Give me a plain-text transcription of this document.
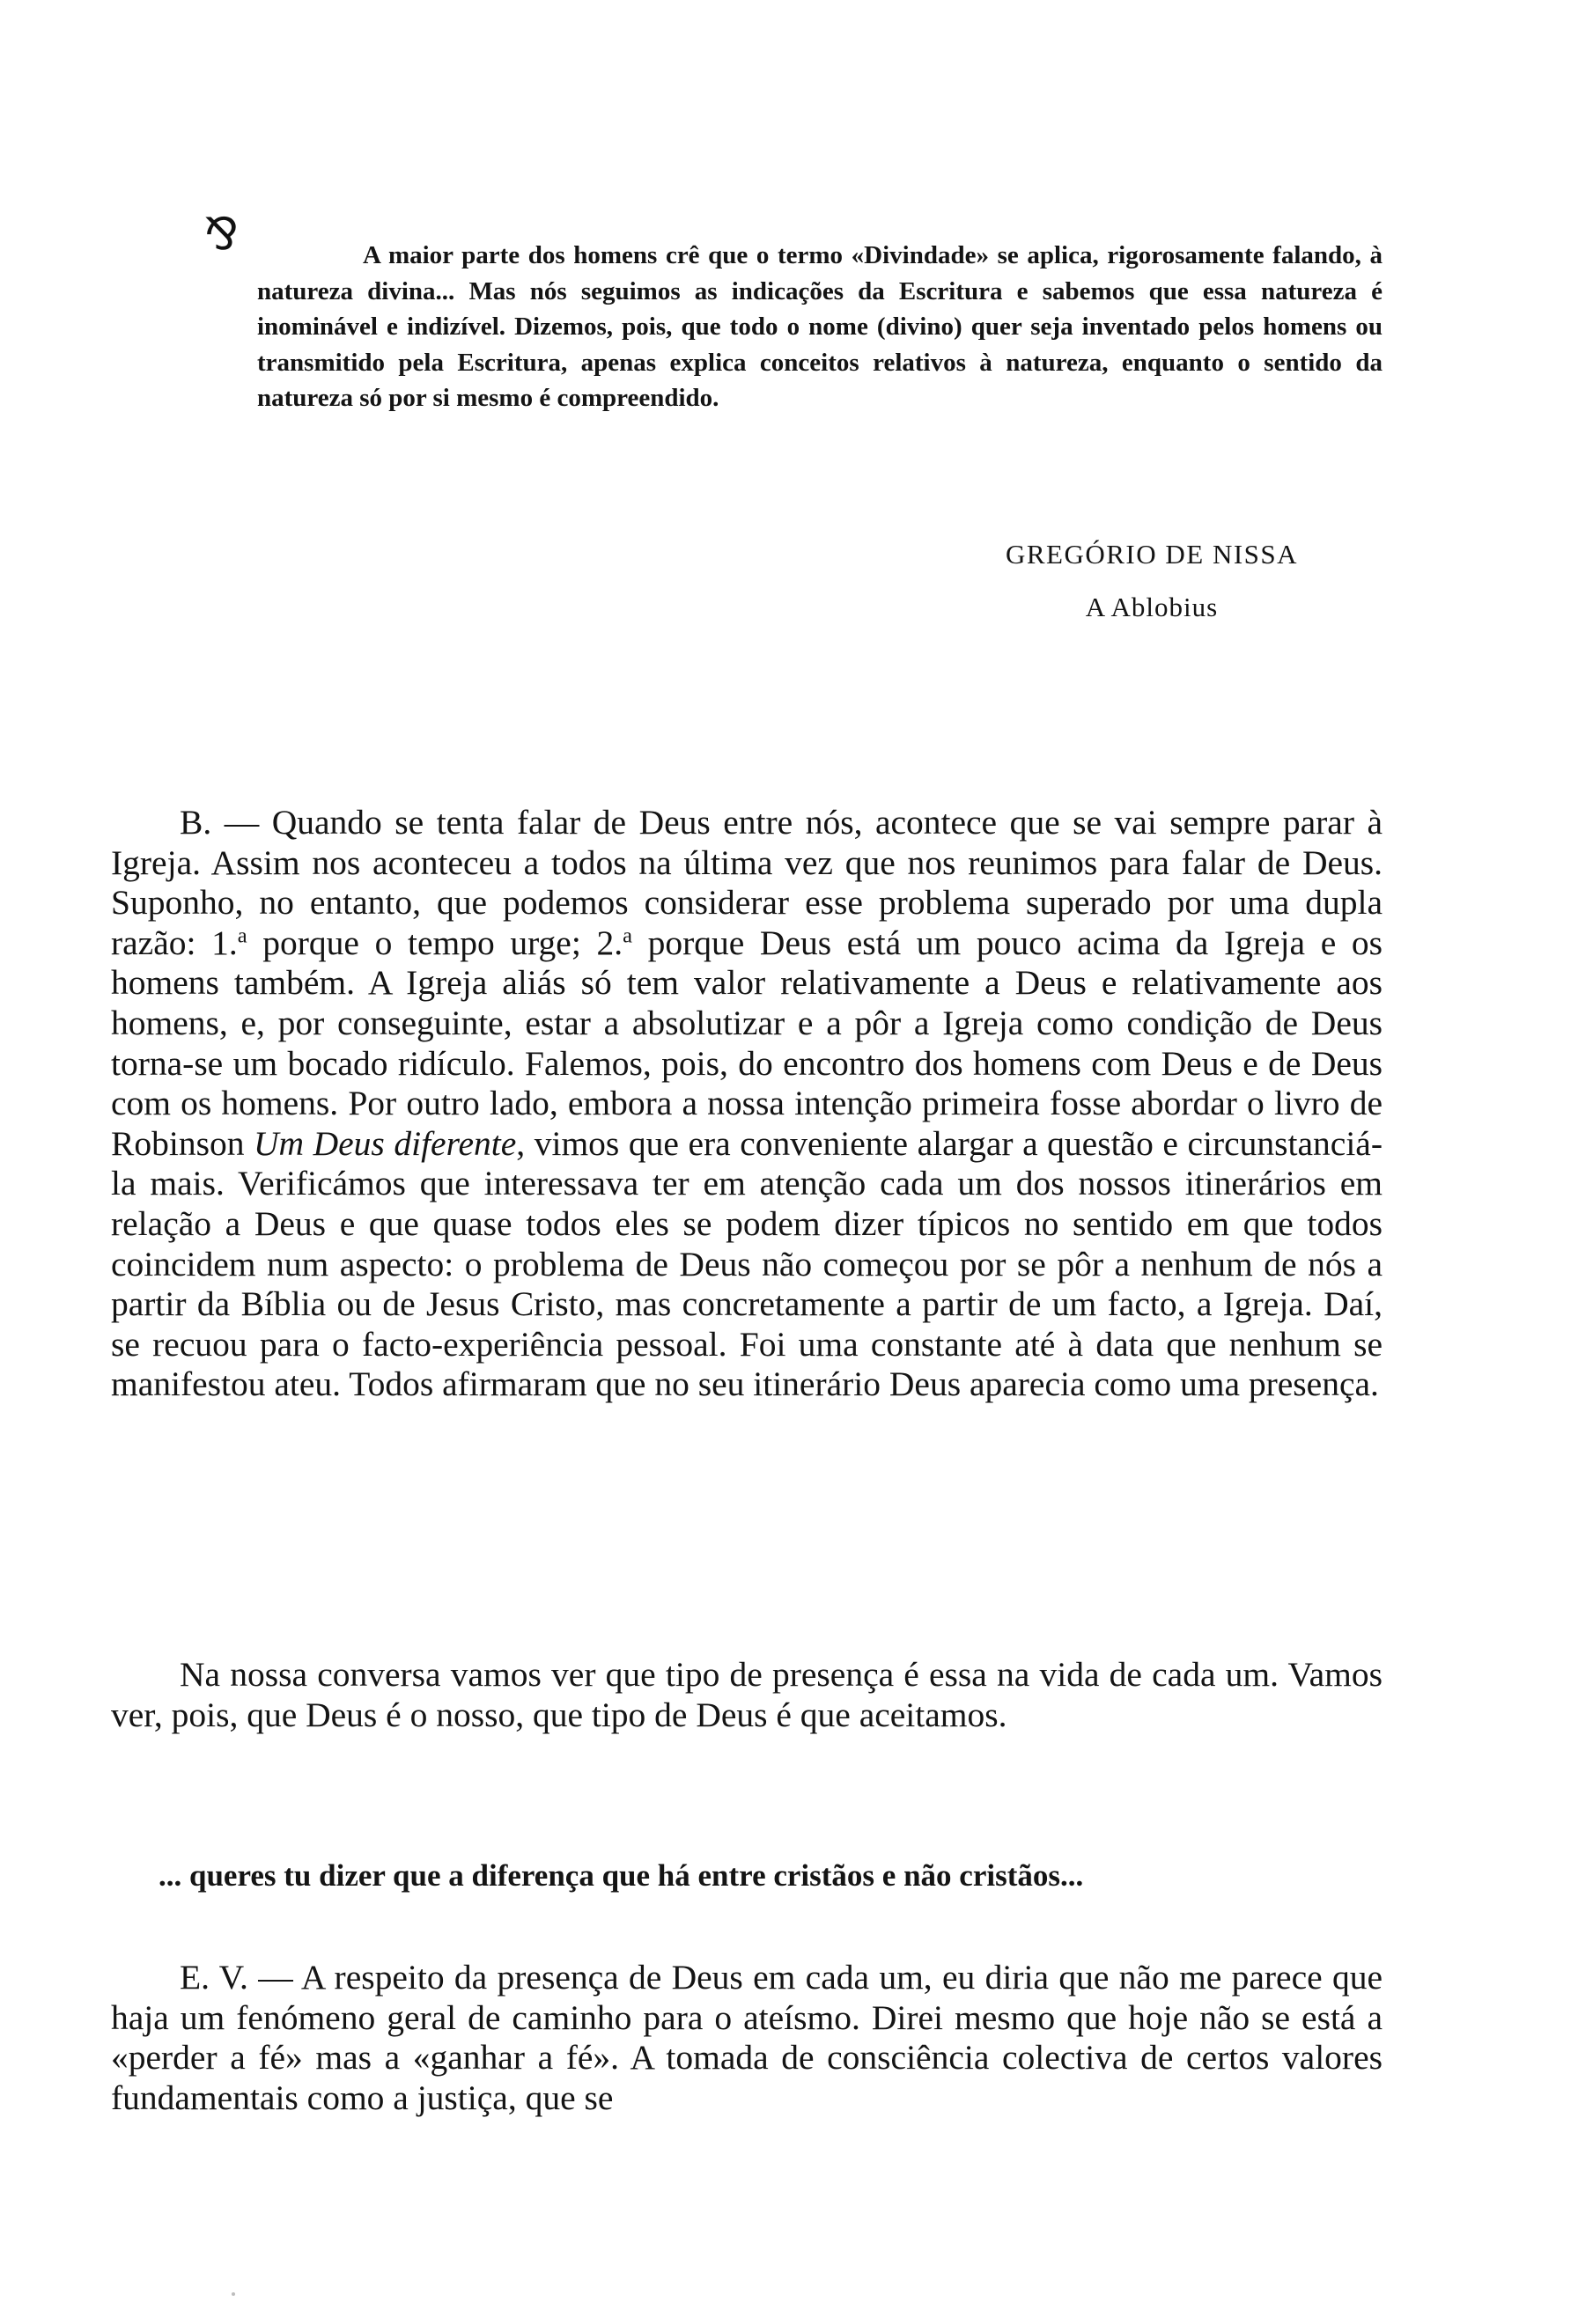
⅋	A maior parte dos homens crê que o termo «Divindade» se aplica, rigorosamente falando, à natureza divina... Mas nós seguimos as indicações da Escritura e sabemos que essa natureza é inominável e indizível. Dizemos, pois, que todo o nome (divino) quer seja inventado pelos homens ou transmitido pela Escritura, apenas explica conceitos relativos à natureza, enquanto o sentido da natureza só por si mesmo é compreendido.

GREGÓRIO DE NISSA
A Ablobius

B. — Quando se tenta falar de Deus entre nós, acontece que se vai sempre parar à Igreja. Assim nos aconteceu a todos na última vez que nos reunimos para falar de Deus. Suponho, no entanto, que podemos considerar esse problema superado por uma dupla razão: 1.$^a$ porque o tempo urge; 2.$^a$ porque Deus está um pouco acima da Igreja e os homens também. A Igreja aliás só tem valor relativamente a Deus e relativamente aos homens, e, por conseguinte, estar a absolutizar e a pôr a Igreja como condição de Deus torna-se um bocado ridículo. Falemos, pois, do encontro dos homens com Deus e de Deus com os homens. Por outro lado, embora a nossa intenção primeira fosse abordar o livro de Robinson Um Deus diferente, vimos que era conveniente alargar a questão e circunstanciá-la mais. Verificámos que interessava ter em atenção cada um dos nossos itinerários em relação a Deus e que quase todos eles se podem dizer típicos no sentido em que todos coincidem num aspecto: o problema de Deus não começou por se pôr a nenhum de nós a partir da Bíblia ou de Jesus Cristo, mas concretamente a partir de um facto, a Igreja. Daí, se recuou para o facto-experiência pessoal. Foi uma constante até à data que nenhum se manifestou ateu. Todos afirmaram que no seu itinerário Deus aparecia como uma presença.

Na nossa conversa vamos ver que tipo de presença é essa na vida de cada um. Vamos ver, pois, que Deus é o nosso, que tipo de Deus é que aceitamos.

... queres tu dizer que a diferença que há entre cristãos e não cristãos...

E. V. — A respeito da presença de Deus em cada um, eu diria que não me parece que haja um fenómeno geral de caminho para o ateísmo. Direi mesmo que hoje não se está a «perder a fé» mas a «ganhar a fé». A tomada de consciência colectiva de certos valores fundamentais como a justiça, que se
